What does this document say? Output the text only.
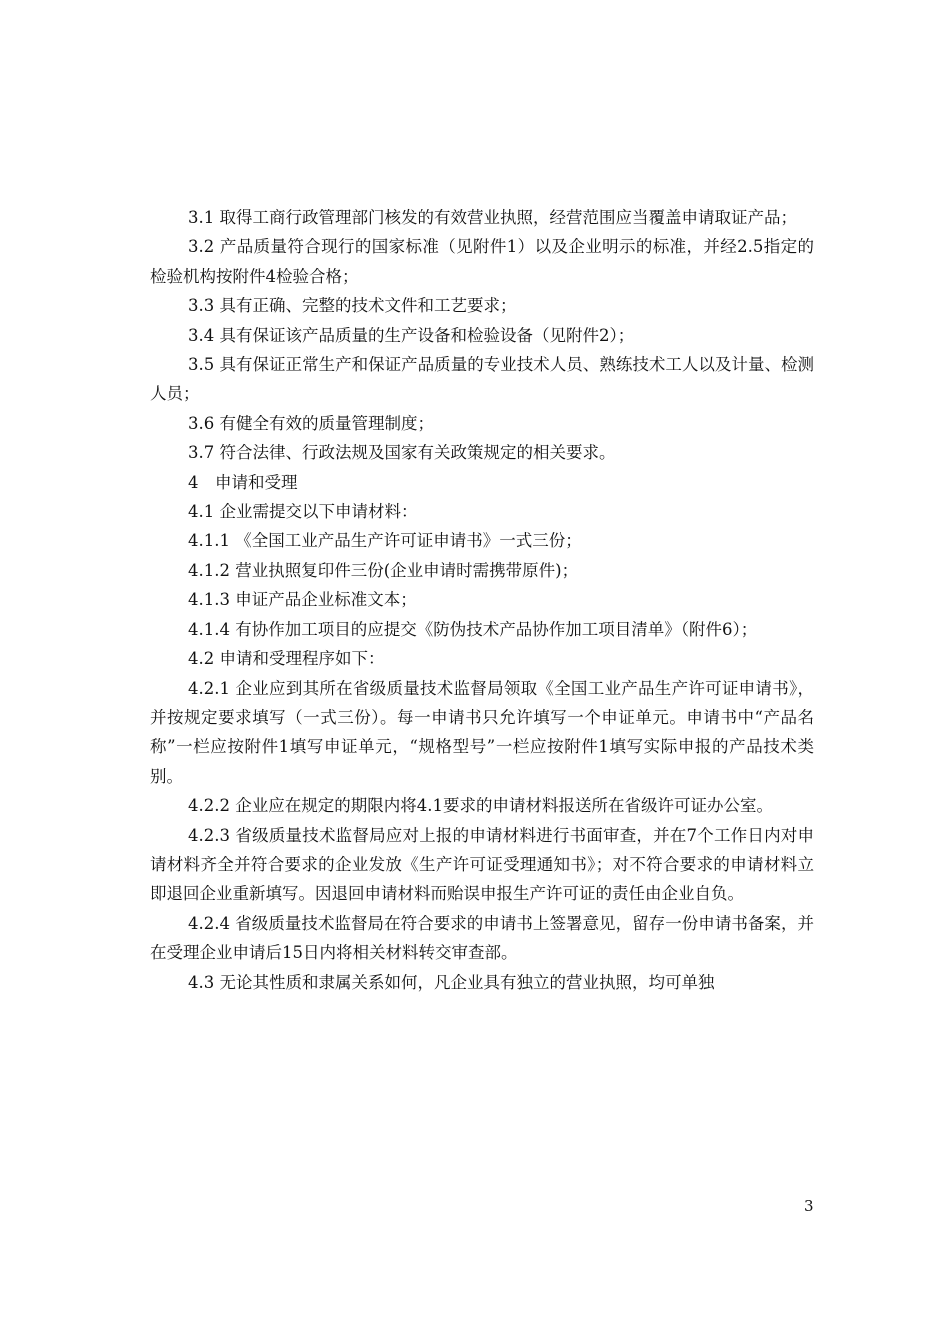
3.1 取得工商行政管理部门核发的有效营业执照，经营范围应当覆盖申请取证产品；

3.2 产品质量符合现行的国家标准（见附件1）以及企业明示的标准，并经2.5指定的检验机构按附件4检验合格；

3.3 具有正确、完整的技术文件和工艺要求；

3.4 具有保证该产品质量的生产设备和检验设备（见附件2）；

3.5 具有保证正常生产和保证产品质量的专业技术人员、熟练技术工人以及计量、检测人员；

3.6 有健全有效的质量管理制度；

3.7 符合法律、行政法规及国家有关政策规定的相关要求。

4　申请和受理

4.1 企业需提交以下申请材料：

4.1.1 《全国工业产品生产许可证申请书》一式三份；

4.1.2 营业执照复印件三份(企业申请时需携带原件)；

4.1.3 申证产品企业标准文本；

4.1.4 有协作加工项目的应提交《防伪技术产品协作加工项目清单》（附件6）；

4.2 申请和受理程序如下：

4.2.1 企业应到其所在省级质量技术监督局领取《全国工业产品生产许可证申请书》，并按规定要求填写（一式三份）。每一申请书只允许填写一个申证单元。申请书中“产品名称”一栏应按附件1填写申证单元，“规格型号”一栏应按附件1填写实际申报的产品技术类别。

4.2.2 企业应在规定的期限内将4.1要求的申请材料报送所在省级许可证办公室。

4.2.3 省级质量技术监督局应对上报的申请材料进行书面审查，并在7个工作日内对申请材料齐全并符合要求的企业发放《生产许可证受理通知书》；对不符合要求的申请材料立即退回企业重新填写。因退回申请材料而贻误申报生产许可证的责任由企业自负。

4.2.4 省级质量技术监督局在符合要求的申请书上签署意见，留存一份申请书备案，并在受理企业申请后15日内将相关材料转交审查部。

4.3 无论其性质和隶属关系如何，凡企业具有独立的营业执照，均可单独

3
